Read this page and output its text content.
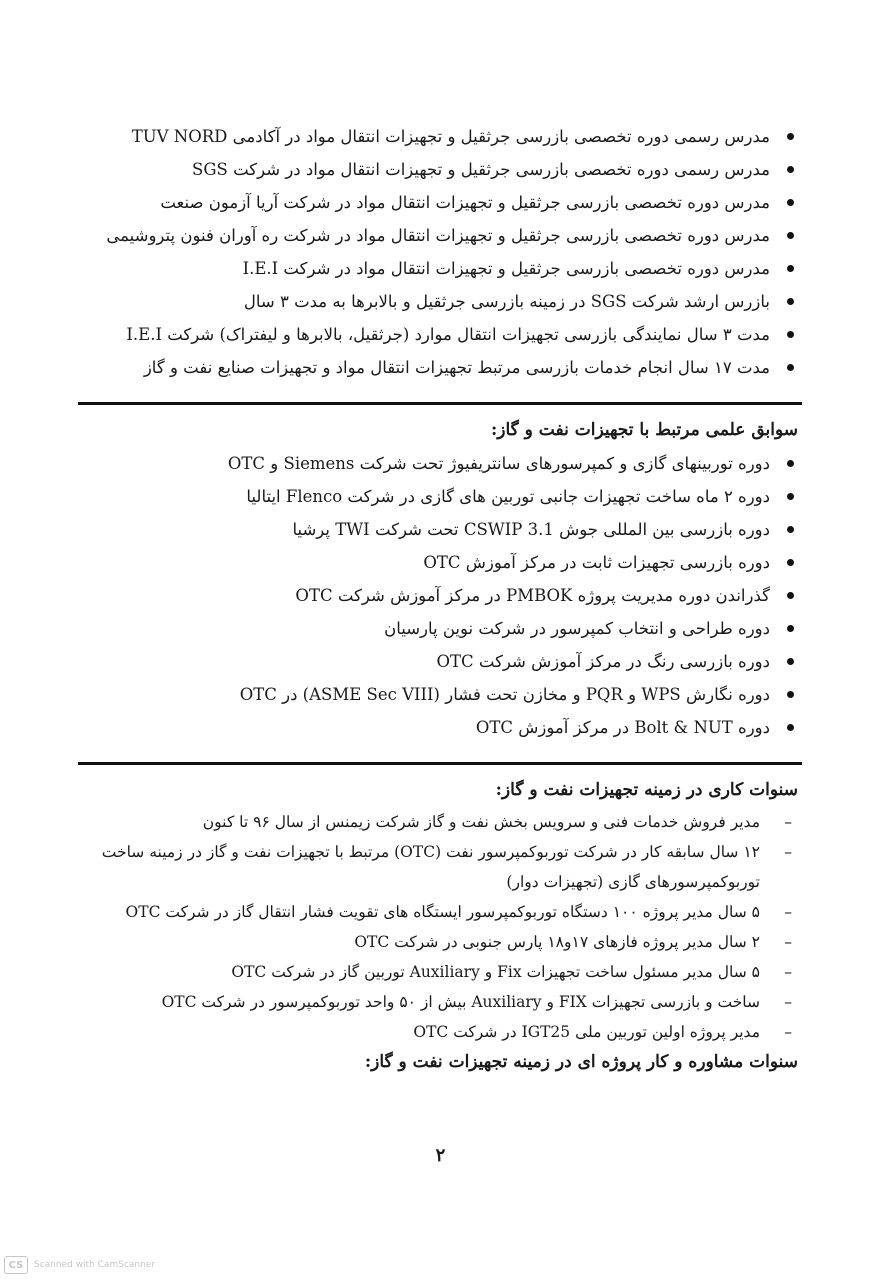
مدرس رسمی دوره تخصصی بازرسی جرثقیل و تجهیزات انتقال مواد در آکادمی TUV NORD
مدرس رسمی دوره تخصصی بازرسی جرثقیل و تجهیزات انتقال مواد در شرکت SGS
مدرس دوره تخصصی بازرسی جرثقیل و تجهیزات انتقال مواد در شرکت آریا آزمون صنعت
مدرس دوره تخصصی بازرسی جرثقیل و تجهیزات انتقال مواد در شرکت ره آوران فنون پتروشیمی
مدرس دوره تخصصی بازرسی جرثقیل و تجهیزات انتقال مواد در شرکت I.E.I
بازرس ارشد شرکت SGS در زمینه بازرسی جرثقیل و بالابرها به مدت ۳ سال
مدت ۳ سال نمایندگی بازرسی تجهیزات انتقال موارد (جرثقیل، بالابرها و لیفتراک) شرکت I.E.I
مدت ۱۷ سال انجام خدمات بازرسی مرتبط تجهیزات انتقال مواد و تجهیزات صنایع نفت و گاز
سوابق علمی مرتبط با تجهیزات نفت و گاز:
دوره توربینهای گازی و کمپرسورهای سانتریفیوژ تحت شرکت Siemens و OTC
دوره ۲ ماه ساخت تجهیزات جانبی توربین های گازی در شرکت Flenco ایتالیا
دوره بازرسی بین المللی جوش CSWIP 3.1 تحت شرکت TWI پرشیا
دوره بازرسی تجهیزات ثابت در مرکز آموزش OTC
گذراندن دوره مدیریت پروژه PMBOK در مرکز آموزش شرکت OTC
دوره طراحی و انتخاب کمپرسور در شرکت نوین پارسیان
دوره بازرسی رنگ در مرکز آموزش شرکت OTC
دوره نگارش WPS و PQR و مخازن تحت فشار (ASME Sec VIII) در OTC
دوره Bolt & NUT در مرکز آموزش OTC
سنوات کاری در زمینه تجهیزات نفت و گاز:
– مدیر فروش خدمات فنی و سرویس بخش نفت و گاز شرکت زیمنس از سال ۹۶ تا کنون
– ۱۲ سال سابقه کار در شرکت توربوکمپرسور نفت (OTC) مرتبط با تجهیزات نفت و گاز در زمینه ساخت توربوکمپرسورهای گازی (تجهیزات دوار)
– ۵ سال مدیر پروژه ۱۰۰ دستگاه توربوکمپرسور ایستگاه های تقویت فشار انتقال گاز در شرکت OTC
– ۲ سال مدیر پروژه فازهای ۱۷و۱۸ پارس جنوبی در شرکت OTC
– ۵ سال مدیر مسئول ساخت تجهیزات Fix و Auxiliary توربین گاز در شرکت OTC
– ساخت و بازرسی تجهیزات FIX و Auxiliary بیش از ۵۰ واحد توربوکمپرسور در شرکت OTC
– مدیر پروژه اولین توربین ملی IGT25 در شرکت OTC
سنوات مشاوره و کار پروژه ای در زمینه تجهیزات نفت و گاز:
۲
CS	Scanned with CamScanner
